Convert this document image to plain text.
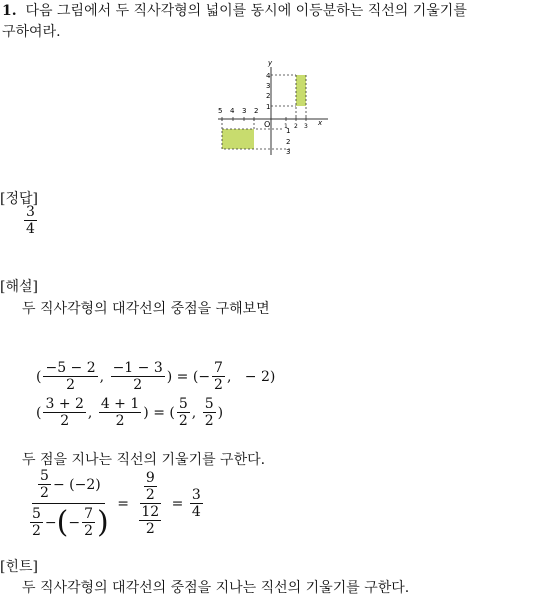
1. 다음 그림에서 두 직사각형의 넓이를 동시에 이등분하는 직선의 기울기를
구하여라.
y
x
O 1 2 3
5 4 3 2
4
3
2
1
1
2
3
[정답]
$\frac{3}{4}$
[해설]
두 직사각형의 대각선의 중점을 구해보면
( $\frac{-5 - 2}{2}$ ,
$\frac{-1 - 3}{2}$ )
= (− $\frac{7}{2}$ ,
− 2)
( $\frac{3 + 2}{2}$ ,
$\frac{4 + 1}{2}$ )
= ( $\frac{5}{2}$ ,
$\frac{5}{2}$ )
두 점을 지나는 직선의 기울기를 구한다.
$\frac{\frac{5}{2} - (-2)}{\frac{5}{2} - ( - \frac{7}{2} )}$
=
$\frac{\frac{9}{2}}{\frac{12}{2}}$
=
$\frac{3}{4}$
[힌트]
두 직사각형의 대각선의 중점을 지나는 직선의 기울기를 구한다.
